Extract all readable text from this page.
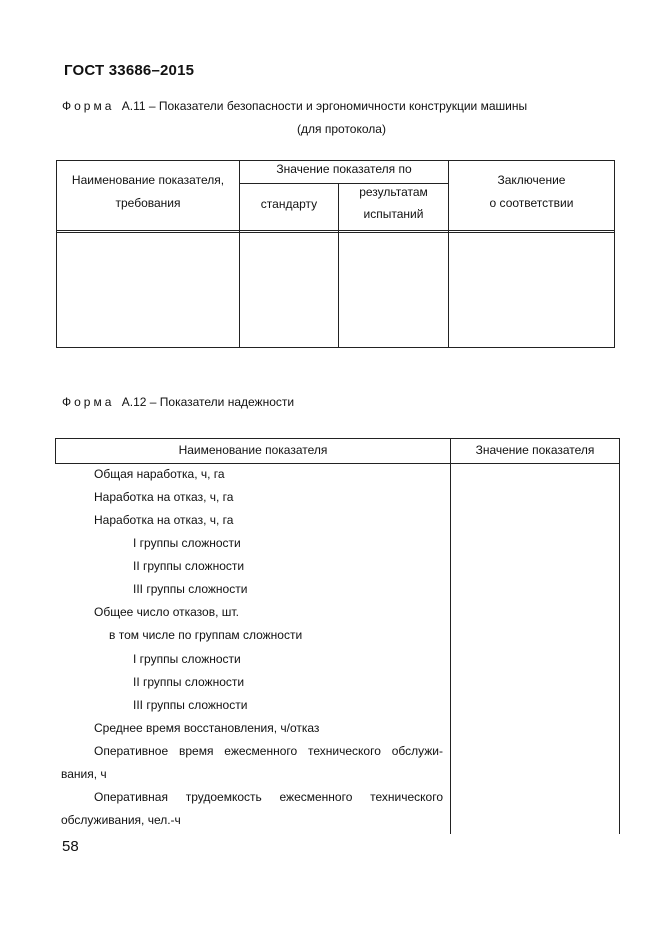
ГОСТ 33686–2015
Форма А.11 – Показатели безопасности и эргономичности конструкции машины
(для протокола)
Наименование показателя,
требования
Значение показателя по
стандарту
результатам
испытаний
Заключение
о соответствии
Форма А.12 – Показатели надежности
Наименование показателя	Значение показателя
Общая наработка, ч, га
Наработка на отказ, ч, га
Наработка на отказ, ч, га
I группы сложности
II группы сложности
III группы сложности
Общее число отказов, шт.
в том числе по группам сложности
I группы сложности
II группы сложности
III группы сложности
Среднее время восстановления, ч/отказ
Оперативное время ежесменного технического обслужи-
вания, ч
Оперативная трудоемкость ежесменного технического
обслуживания, чел.-ч
58
